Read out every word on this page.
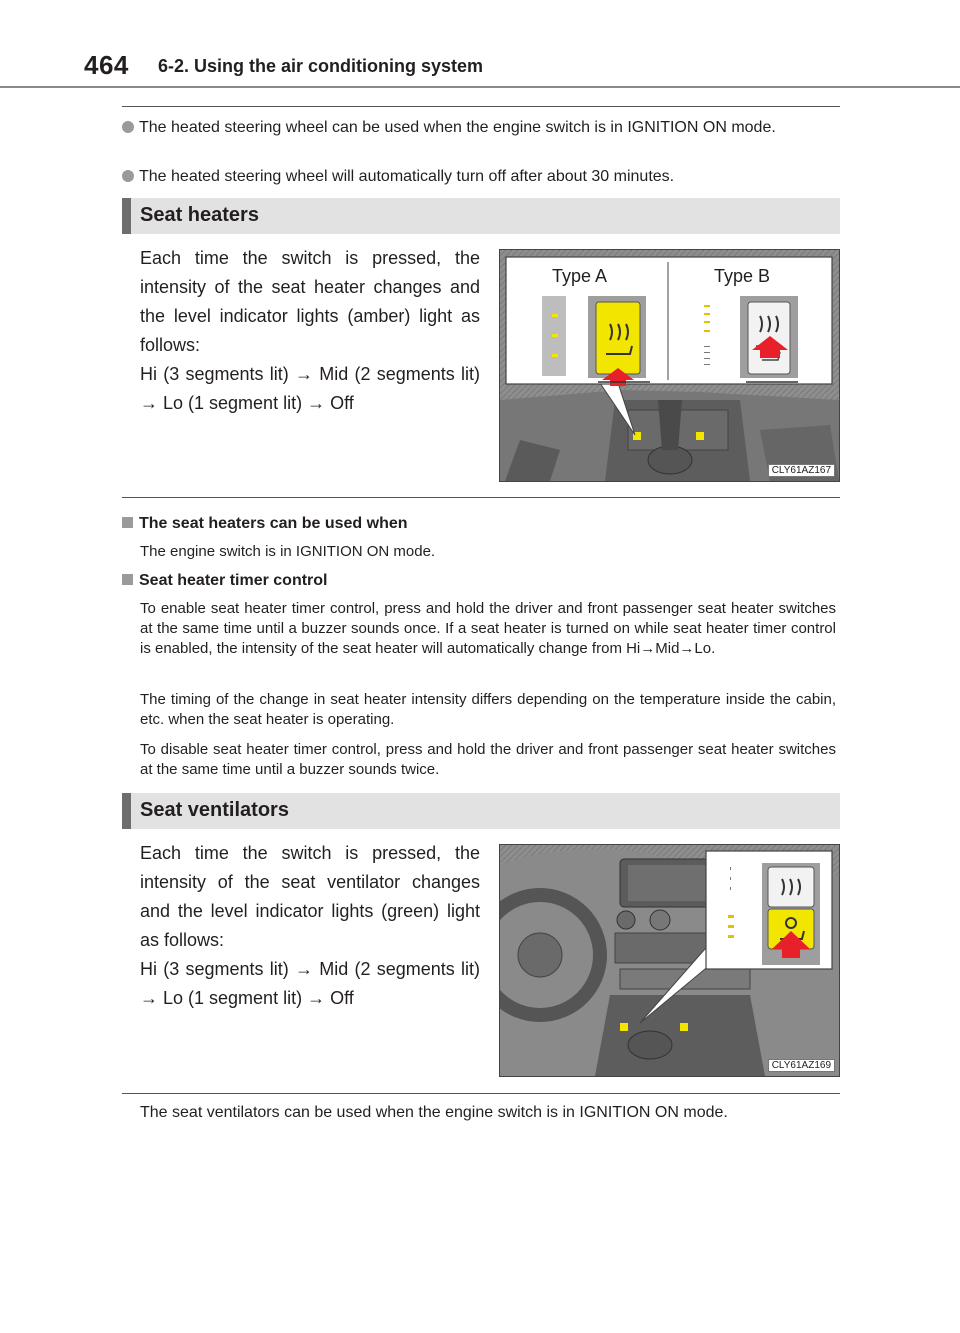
464 6-2. Using the air conditioning system
The heated steering wheel can be used when the engine switch is in IGNITION ON mode.
The heated steering wheel will automatically turn off after about 30 minutes.
Seat heaters
Each time the switch is pressed, the intensity of the seat heater changes and the level indicator lights (amber) light as follows:
Hi (3 segments lit) → Mid (2 segments lit) → Lo (1 segment lit) → Off
Type A	Type B
CLY61AZ167
The seat heaters can be used when
The engine switch is in IGNITION ON mode.
Seat heater timer control
To enable seat heater timer control, press and hold the driver and front passenger seat heater switches at the same time until a buzzer sounds once. If a seat heater is turned on while seat heater timer control is enabled, the intensity of the seat heater will automatically change from Hi→Mid→Lo.
The timing of the change in seat heater intensity differs depending on the temperature inside the cabin, etc. when the seat heater is operating.
To disable seat heater timer control, press and hold the driver and front passenger seat heater switches at the same time until a buzzer sounds twice.
Seat ventilators
Each time the switch is pressed, the intensity of the seat ventilator changes and the level indicator lights (green) light as follows:
Hi (3 segments lit) → Mid (2 segments lit) → Lo (1 segment lit) → Off
CLY61AZ169
The seat ventilators can be used when the engine switch is in IGNITION ON mode.
